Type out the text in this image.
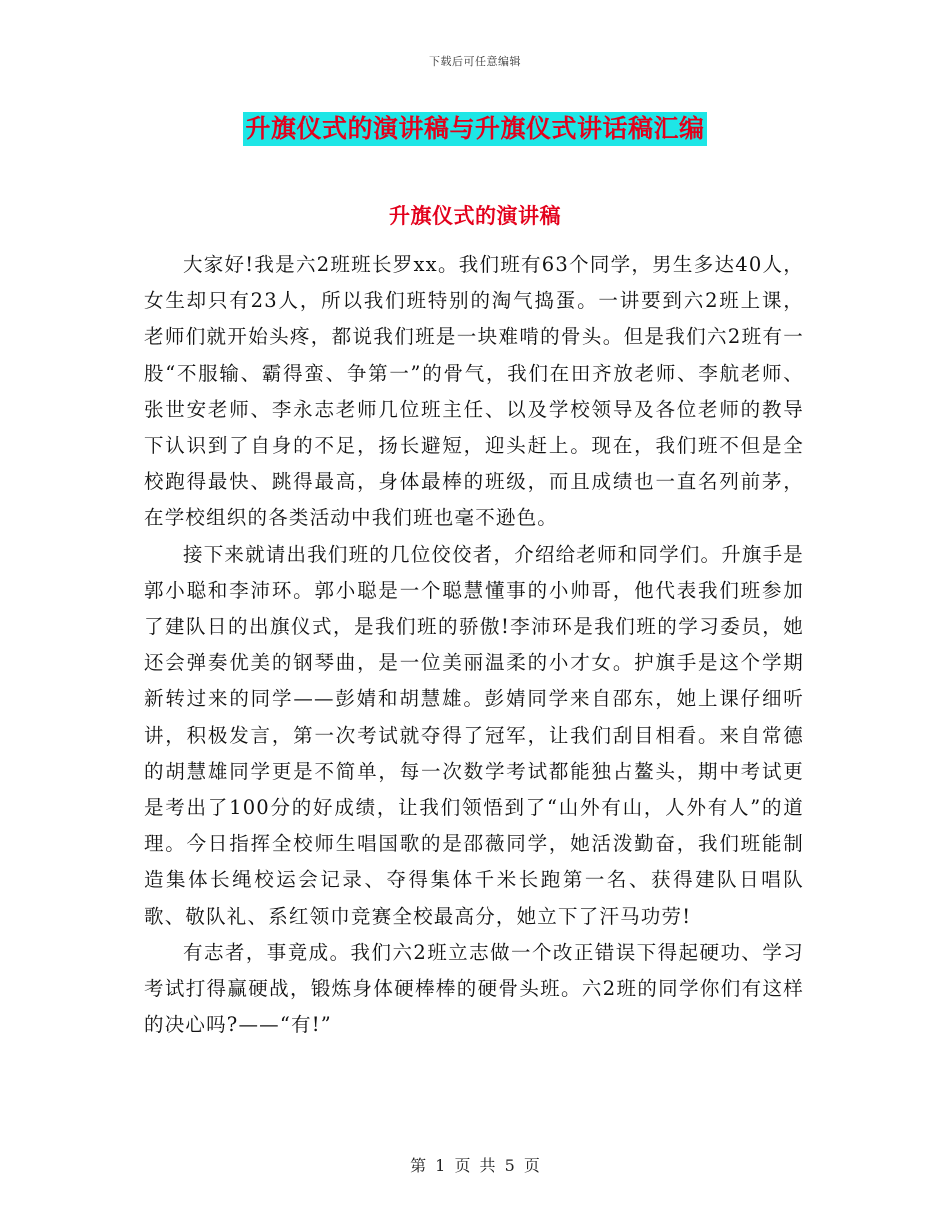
下载后可任意编辑
升旗仪式的演讲稿与升旗仪式讲话稿汇编
升旗仪式的演讲稿

大家好!我是六2班班长罗xx。我们班有63个同学，男生多达40人，女生却只有23人，所以我们班特别的淘气捣蛋。一讲要到六2班上课，老师们就开始头疼，都说我们班是一块难啃的骨头。但是我们六2班有一股“不服输、霸得蛮、争第一”的骨气，我们在田齐放老师、李航老师、张世安老师、李永志老师几位班主任、以及学校领导及各位老师的教导下认识到了自身的不足，扬长避短，迎头赶上。现在，我们班不但是全校跑得最快、跳得最高，身体最棒的班级，而且成绩也一直名列前茅，在学校组织的各类活动中我们班也毫不逊色。

接下来就请出我们班的几位佼佼者，介绍给老师和同学们。升旗手是郭小聪和李沛环。郭小聪是一个聪慧懂事的小帅哥，他代表我们班参加了建队日的出旗仪式，是我们班的骄傲!李沛环是我们班的学习委员，她还会弹奏优美的钢琴曲，是一位美丽温柔的小才女。护旗手是这个学期新转过来的同学——彭婧和胡慧雄。彭婧同学来自邵东，她上课仔细听讲，积极发言，第一次考试就夺得了冠军，让我们刮目相看。来自常德的胡慧雄同学更是不简单，每一次数学考试都能独占鳌头，期中考试更是考出了100分的好成绩，让我们领悟到了“山外有山，人外有人”的道理。今日指挥全校师生唱国歌的是邵薇同学，她活泼勤奋，我们班能制造集体长绳校运会记录、夺得集体千米长跑第一名、获得建队日唱队歌、敬队礼、系红领巾竞赛全校最高分，她立下了汗马功劳!

有志者，事竟成。我们六2班立志做一个改正错误下得起硬功、学习考试打得赢硬战，锻炼身体硬棒棒的硬骨头班。六2班的同学你们有这样的决心吗?——“有!”

第 1 页 共 5 页
